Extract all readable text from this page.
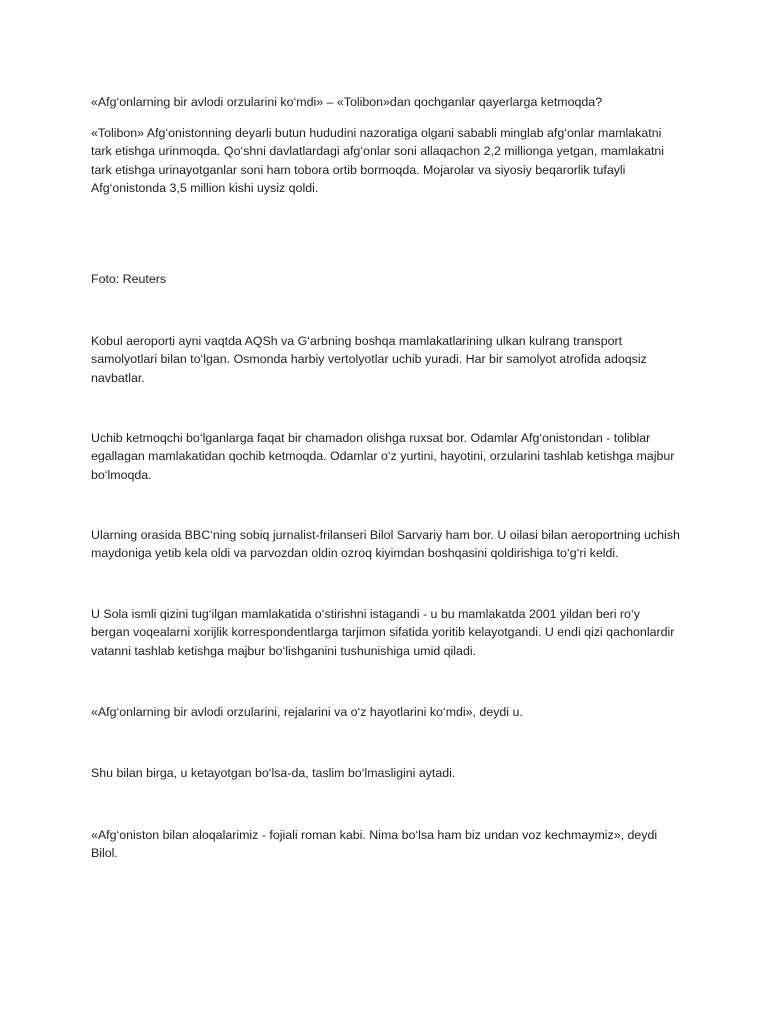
«Afg‘onlarning bir avlodi orzularini ko‘mdi» – «Tolibon»dan qochganlar qayerlarga ketmoqda?

«Tolibon» Afg‘onistonning deyarli butun hududini nazoratiga olgani sababli minglab afg‘onlar mamlakatni tark etishga urinmoqda. Qo‘shni davlatlardagi afg‘onlar soni allaqachon 2,2 millionga yetgan, mamlakatni tark etishga urinayotganlar soni ham tobora ortib bormoqda. Mojarolar va siyosiy beqarorlik tufayli Afg‘onistonda 3,5 million kishi uysiz qoldi.

Foto: Reuters

Kobul aeroporti ayni vaqtda AQSh va G‘arbning boshqa mamlakatlarining ulkan kulrang transport samolyotlari bilan to‘lgan. Osmonda harbiy vertolyotlar uchib yuradi. Har bir samolyot atrofida adoqsiz navbatlar.

Uchib ketmoqchi bo‘lganlarga faqat bir chamadon olishga ruxsat bor. Odamlar Afg‘onistondan - toliblar egallagan mamlakatidan qochib ketmoqda. Odamlar o‘z yurtini, hayotini, orzularini tashlab ketishga majbur bo‘lmoqda.

Ularning orasida BBC‘ning sobiq jurnalist-frilanseri Bilol Sarvariy ham bor. U oilasi bilan aeroportning uchish maydoniga yetib kela oldi va parvozdan oldin ozroq kiyimdan boshqasini qoldirishiga to‘g‘ri keldi.

U Sola ismli qizini tug‘ilgan mamlakatida o‘stirishni istagandi - u bu mamlakatda 2001 yildan beri ro‘y bergan voqealarni xorijlik korrespondentlarga tarjimon sifatida yoritib kelayotgandi. U endi qizi qachonlardir vatanni tashlab ketishga majbur bo‘lishganini tushunishiga umid qiladi.

«Afg‘onlarning bir avlodi orzularini, rejalarini va o‘z hayotlarini ko‘mdi», deydi u.

Shu bilan birga, u ketayotgan bo‘lsa-da, taslim bo‘lmasligini aytadi.

«Afg‘oniston bilan aloqalarimiz - fojiali roman kabi. Nima bo‘lsa ham biz undan voz kechmaymiz», deydi Bilol.
